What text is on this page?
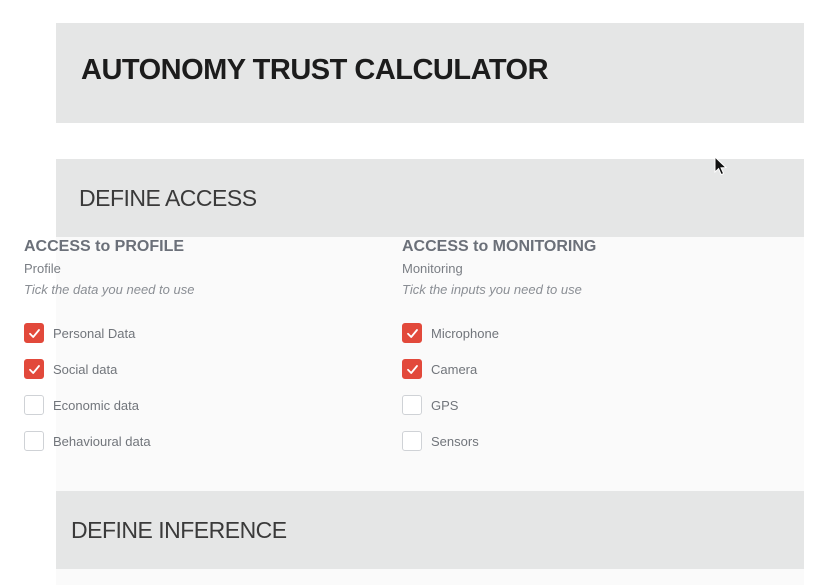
AUTONOMY TRUST CALCULATOR
DEFINE ACCESS
DEFINE INFERENCE
ACCESS to PROFILE
Profile
Tick the data you need to use
Personal Data
Social data
Economic data
Behavioural data
ACCESS to MONITORING
Monitoring
Tick the inputs you need to use
Microphone
Camera
GPS
Sensors
